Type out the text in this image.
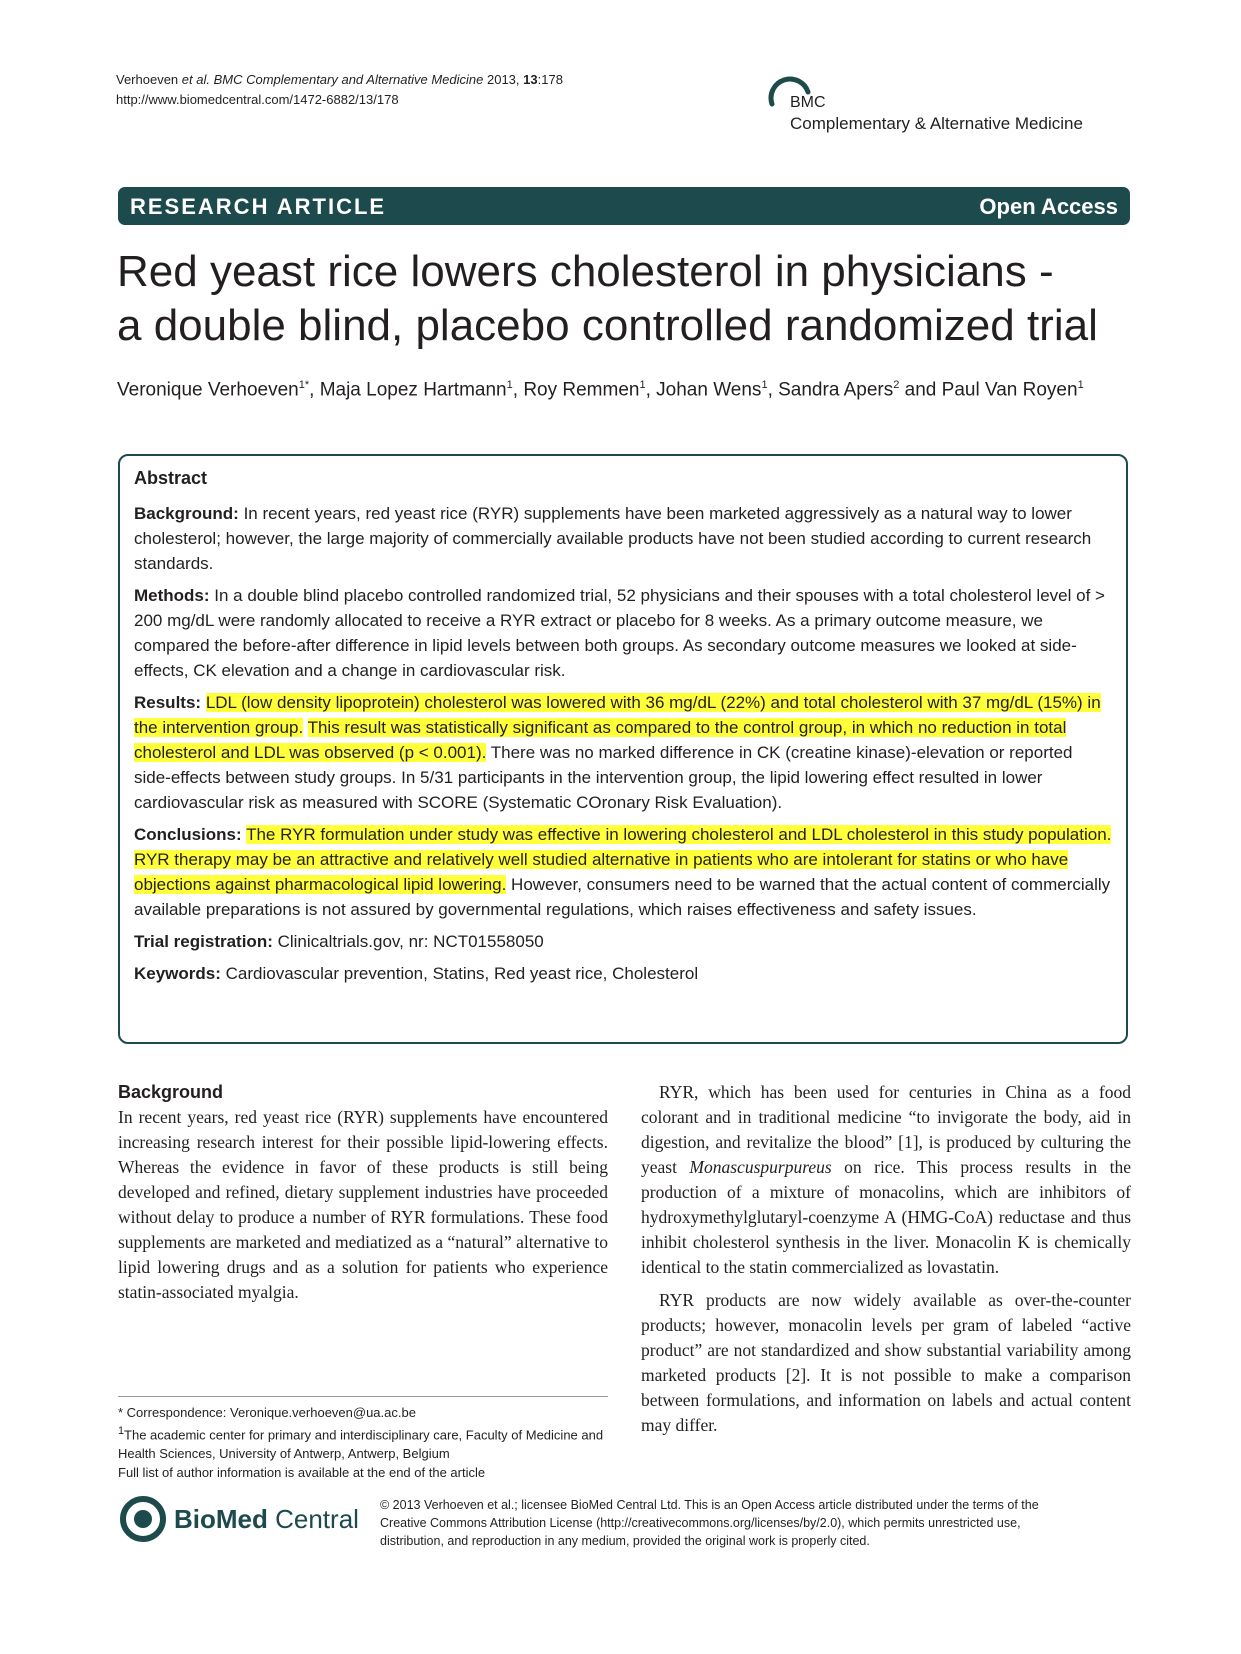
Verhoeven et al. BMC Complementary and Alternative Medicine 2013, 13:178
http://www.biomedcentral.com/1472-6882/13/178	BMC
Complementary & Alternative Medicine
RESEARCH ARTICLE	Open Access
Red yeast rice lowers cholesterol in physicians -
a double blind, placebo controlled randomized trial
Veronique Verhoeven$^{1*}$, Maja Lopez Hartmann$^1$, Roy Remmen$^1$, Johan Wens$^1$, Sandra Apers$^2$ and Paul Van Royen$^1$
Abstract

Background: In recent years, red yeast rice (RYR) supplements have been marketed aggressively as a natural way to lower cholesterol; however, the large majority of commercially available products have not been studied according to current research standards.

Methods: In a double blind placebo controlled randomized trial, 52 physicians and their spouses with a total cholesterol level of > 200 mg/dL were randomly allocated to receive a RYR extract or placebo for 8 weeks. As a primary outcome measure, we compared the before-after difference in lipid levels between both groups. As secondary outcome measures we looked at side-effects, CK elevation and a change in cardiovascular risk.

Results: LDL (low density lipoprotein) cholesterol was lowered with 36 mg/dL (22%) and total cholesterol with 37 mg/dL (15%) in the intervention group. This result was statistically significant as compared to the control group, in which no reduction in total cholesterol and LDL was observed (p < 0.001). There was no marked difference in CK (creatine kinase)-elevation or reported side-effects between study groups. In 5/31 participants in the intervention group, the lipid lowering effect resulted in lower cardiovascular risk as measured with SCORE (Systematic COronary Risk Evaluation).

Conclusions: The RYR formulation under study was effective in lowering cholesterol and LDL cholesterol in this study population. RYR therapy may be an attractive and relatively well studied alternative in patients who are intolerant for statins or who have objections against pharmacological lipid lowering. However, consumers need to be warned that the actual content of commercially available preparations is not assured by governmental regulations, which raises effectiveness and safety issues.

Trial registration: Clinicaltrials.gov, nr: NCT01558050

Keywords: Cardiovascular prevention, Statins, Red yeast rice, Cholesterol

Background

In recent years, red yeast rice (RYR) supplements have encountered increasing research interest for their possible lipid-lowering effects. Whereas the evidence in favor of these products is still being developed and refined, dietary supplement industries have proceeded without delay to produce a number of RYR formulations. These food supplements are marketed and mediatized as a “natural” alternative to lipid lowering drugs and as a solution for patients who experience statin-associated myalgia.

RYR, which has been used for centuries in China as a food colorant and in traditional medicine “to invigorate the body, aid in digestion, and revitalize the blood” [1], is produced by culturing the yeast Monascuspurpureus on rice. This process results in the production of a mixture of monacolins, which are inhibitors of hydroxymethylglutaryl-coenzyme A (HMG-CoA) reductase and thus inhibit cholesterol synthesis in the liver. Monacolin K is chemically identical to the statin commercialized as lovastatin.

RYR products are now widely available as over-the-counter products; however, monacolin levels per gram of labeled “active product” are not standardized and show substantial variability among marketed products [2]. It is not possible to make a comparison between formulations, and information on labels and actual content may differ.

* Correspondence: Veronique.verhoeven@ua.ac.be

$^1$The academic center for primary and interdisciplinary care, Faculty of Medicine and Health Sciences, University of Antwerp, Antwerp, Belgium

Full list of author information is available at the end of the article

BioMed Central © 2013 Verhoeven et al.; licensee BioMed Central Ltd. This is an Open Access article distributed under the terms of the Creative Commons Attribution License (http://creativecommons.org/licenses/by/2.0), which permits unrestricted use, distribution, and reproduction in any medium, provided the original work is properly cited.
